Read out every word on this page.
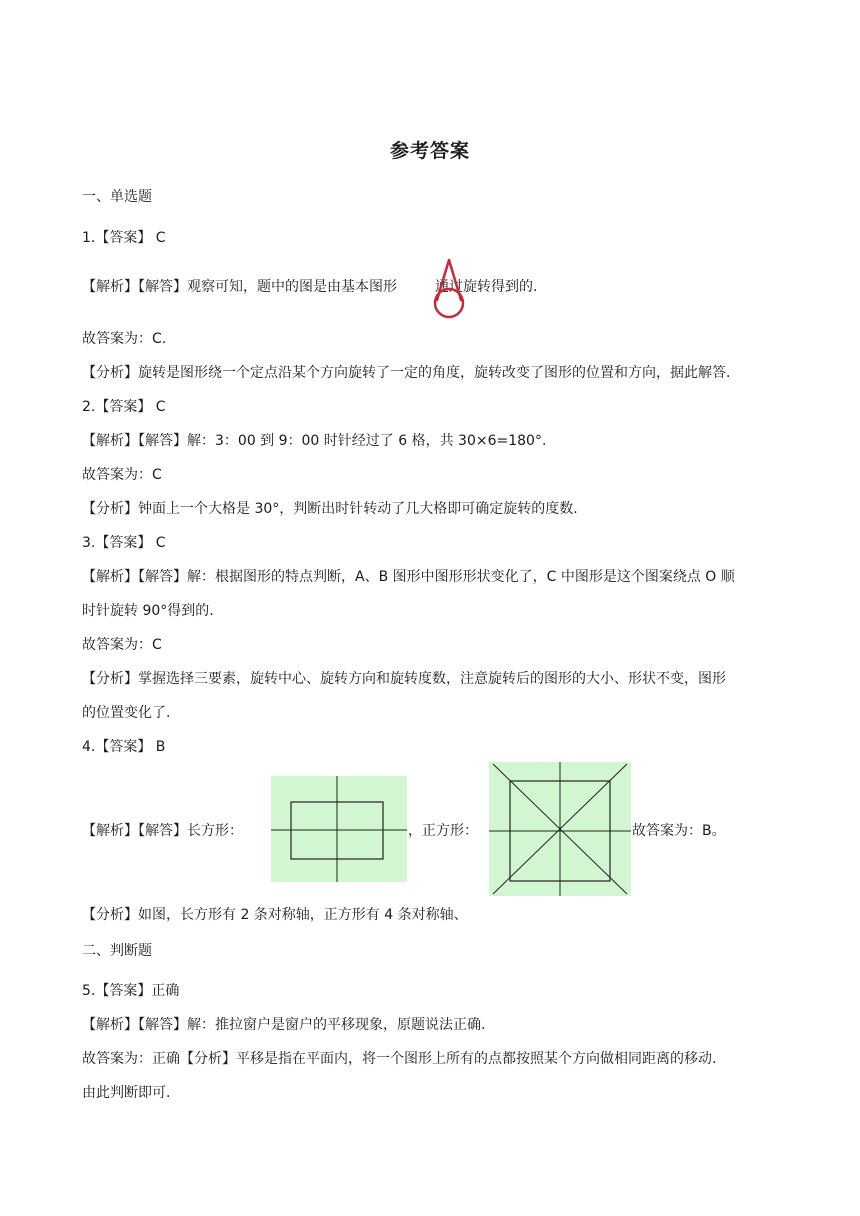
参考答案
一、单选题
1.【答案】 C
【解析】【解答】观察可知，题中的图是由基本图形	通过旋转得到的.
故答案为：C.
【分析】旋转是图形绕一个定点沿某个方向旋转了一定的角度，旋转改变了图形的位置和方向，据此解答.
2.【答案】 C
【解析】【解答】解：3：00 到 9：00 时针经过了 6 格，共 30×6=180°.
故答案为：C
【分析】钟面上一个大格是 30°，判断出时针转动了几大格即可确定旋转的度数.
3.【答案】 C
【解析】【解答】解：根据图形的特点判断，A、B 图形中图形形状变化了，C 中图形是这个图案绕点 O 顺
时针旋转 90°得到的.
故答案为：C
【分析】掌握选择三要素，旋转中心、旋转方向和旋转度数，注意旋转后的图形的大小、形状不变，图形
的位置变化了.
4.【答案】 B
【解析】【解答】长方形：	，正方形：	故答案为：B。
【分析】如图，长方形有 2 条对称轴，正方形有 4 条对称轴、
二、判断题
5.【答案】正确
【解析】【解答】解：推拉窗户是窗户的平移现象，原题说法正确.
故答案为：正确【分析】平移是指在平面内，将一个图形上所有的点都按照某个方向做相同距离的移动.
由此判断即可.
